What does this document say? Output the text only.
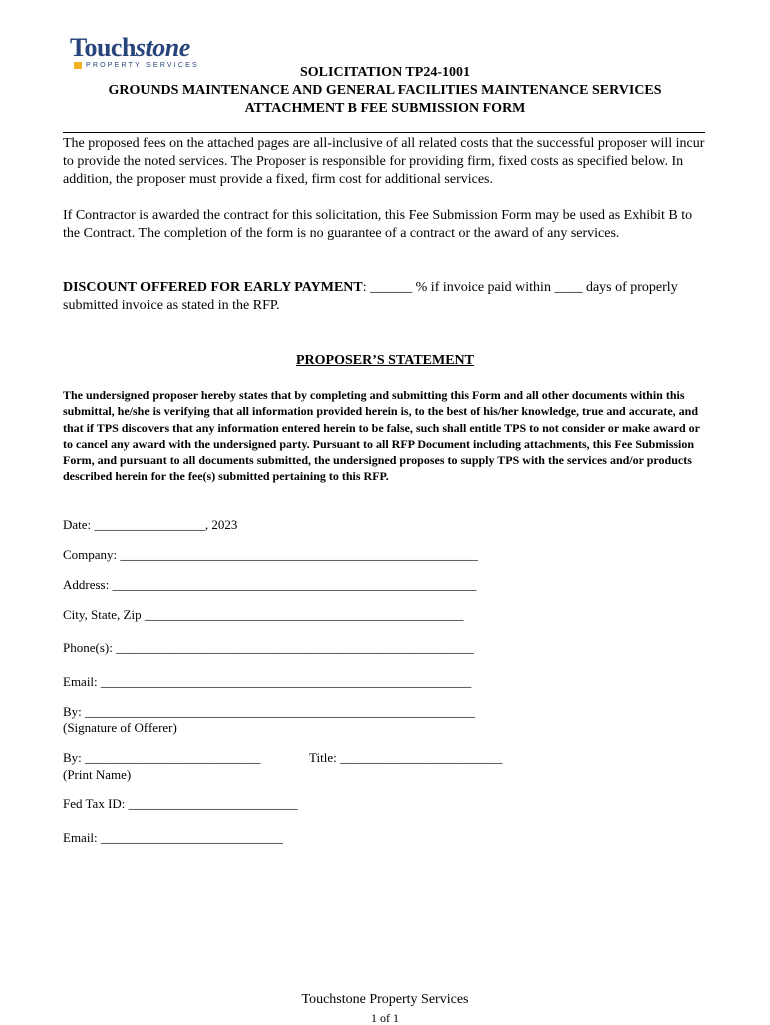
Touchstone
PROPERTY SERVICES	SOLICITATION TP24-1001
GROUNDS MAINTENANCE AND GENERAL FACILITIES MAINTENANCE SERVICES
ATTACHMENT B FEE SUBMISSION FORM
The proposed fees on the attached pages are all-inclusive of all related costs that the successful proposer will incur to provide the noted services. The Proposer is responsible for providing firm, fixed costs as specified below. In addition, the proposer must provide a fixed, firm cost for additional services.
If Contractor is awarded the contract for this solicitation, this Fee Submission Form may be used as Exhibit B to the Contract. The completion of the form is no guarantee of a contract or the award of any services.
DISCOUNT OFFERED FOR EARLY PAYMENT: ______ % if invoice paid within ____ days of properly submitted invoice as stated in the RFP.
PROPOSER’S STATEMENT
The undersigned proposer hereby states that by completing and submitting this Form and all other documents within this submittal, he/she is verifying that all information provided herein is, to the best of his/her knowledge, true and accurate, and that if TPS discovers that any information entered herein to be false, such shall entitle TPS to not consider or make award or to cancel any award with the undersigned party. Pursuant to all RFP Document including attachments, this Fee Submission Form, and pursuant to all documents submitted, the undersigned proposes to supply TPS with the services and/or products described herein for the fee(s) submitted pertaining to this RFP.
Date: _________________, 2023
Company: _______________________________________________________
Address: ________________________________________________________
City, State, Zip _________________________________________________
Phone(s): _______________________________________________________
Email: _________________________________________________________
By: ____________________________________________________________
(Signature of Offerer)
By: ___________________________	Title: _________________________
(Print Name)
Fed Tax ID: __________________________
Email: ____________________________
Touchstone Property Services
1 of 1
